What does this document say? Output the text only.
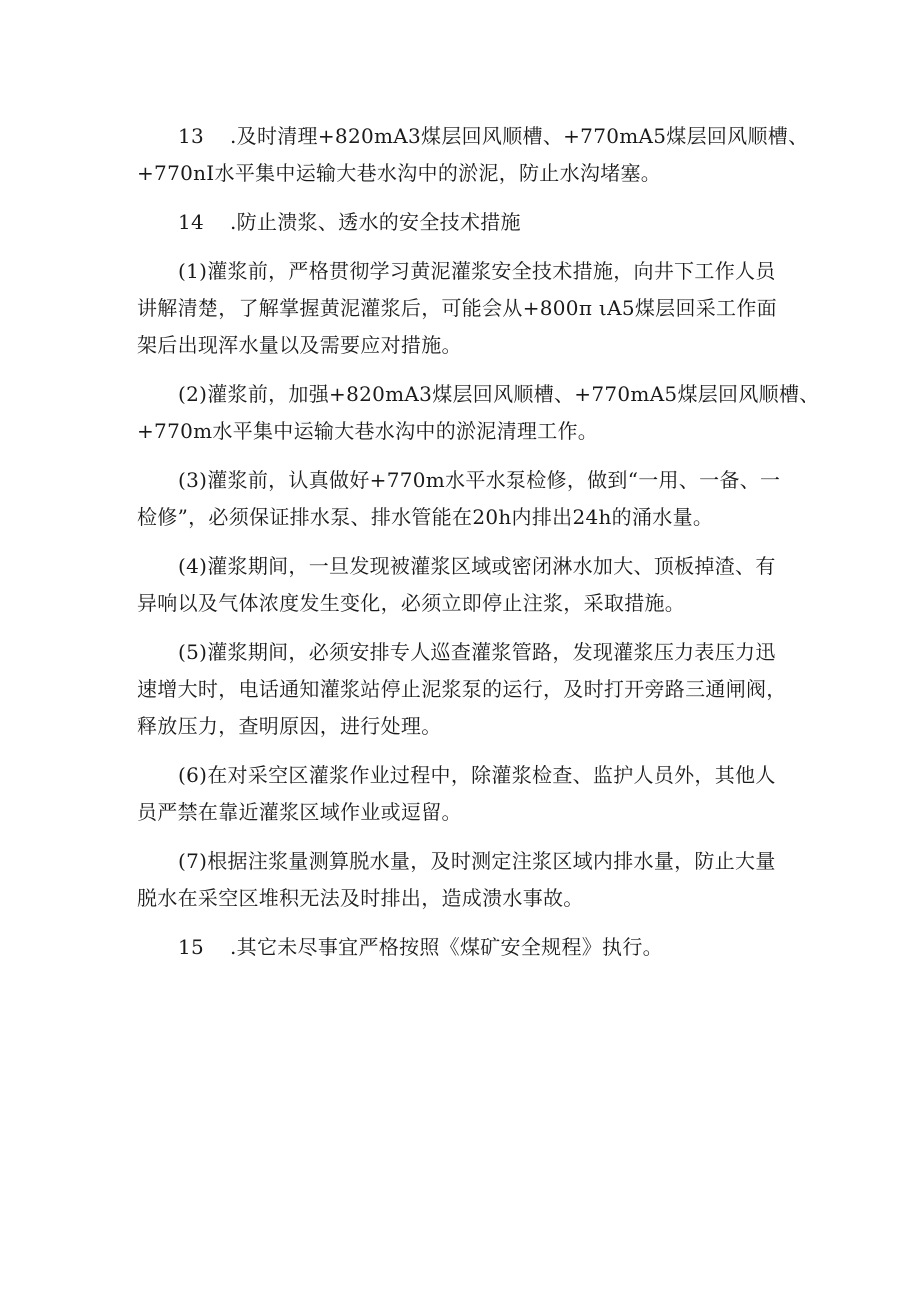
13 .及时清理+820mA3煤层回风顺槽、+770mA5煤层回风顺槽、
+770nI水平集中运输大巷水沟中的淤泥，防止水沟堵塞。
14 .防止溃浆、透水的安全技术措施
(1)灌浆前，严格贯彻学习黄泥灌浆安全技术措施，向井下工作人员
讲解清楚，了解掌握黄泥灌浆后，可能会从+800π ιA5煤层回采工作面
架后出现浑水量以及需要应对措施。
(2)灌浆前，加强+820mA3煤层回风顺槽、+770mA5煤层回风顺槽、
+770m水平集中运输大巷水沟中的淤泥清理工作。
(3)灌浆前，认真做好+770m水平水泵检修，做到“一用、一备、一
检修”，必须保证排水泵、排水管能在20h内排出24h的涌水量。
(4)灌浆期间，一旦发现被灌浆区域或密闭淋水加大、顶板掉渣、有
异响以及气体浓度发生变化，必须立即停止注浆，采取措施。
(5)灌浆期间，必须安排专人巡查灌浆管路，发现灌浆压力表压力迅
速增大时，电话通知灌浆站停止泥浆泵的运行，及时打开旁路三通闸阀，
释放压力，查明原因，进行处理。
(6)在对采空区灌浆作业过程中，除灌浆检查、监护人员外，其他人
员严禁在靠近灌浆区域作业或逗留。
(7)根据注浆量测算脱水量，及时测定注浆区域内排水量，防止大量
脱水在采空区堆积无法及时排出，造成溃水事故。
15 .其它未尽事宜严格按照《煤矿安全规程》执行。
